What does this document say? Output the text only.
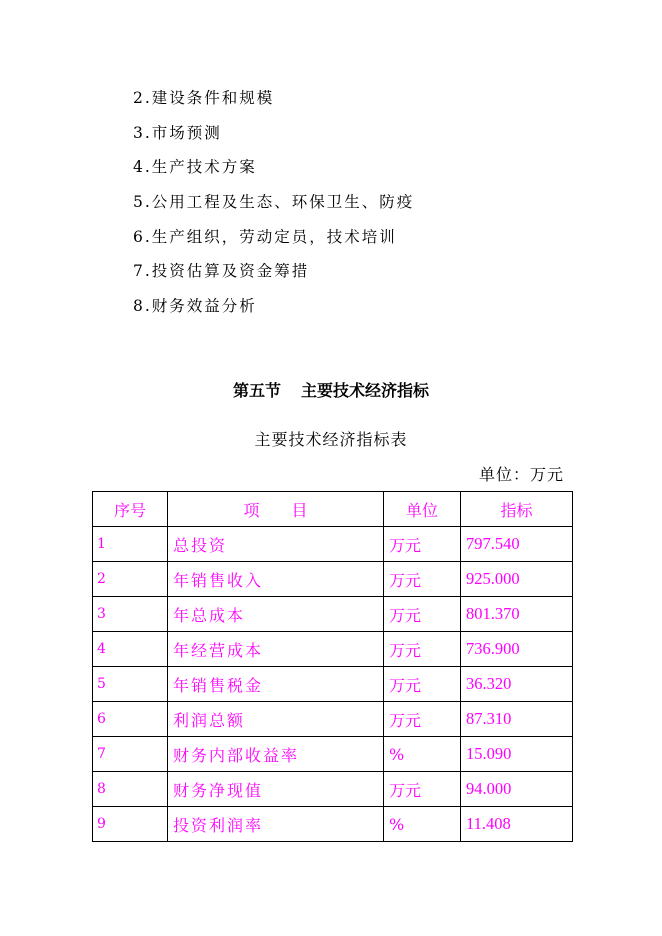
2.建设条件和规模
3.市场预测
4.生产技术方案
5.公用工程及生态、环保卫生、防疫
6.生产组织，劳动定员，技术培训
7.投资估算及资金筹措
8.财务效益分析
第五节 主要技术经济指标
主要技术经济指标表
单位：万元
序号	项　　目	单位	指标
1	总投资	万元	797.540
2	年销售收入	万元	925.000
3	年总成本	万元	801.370
4	年经营成本	万元	736.900
5	年销售税金	万元	36.320
6	利润总额	万元	87.310
7	财务内部收益率	%	15.090
8	财务净现值	万元	94.000
9	投资利润率	%	11.408
